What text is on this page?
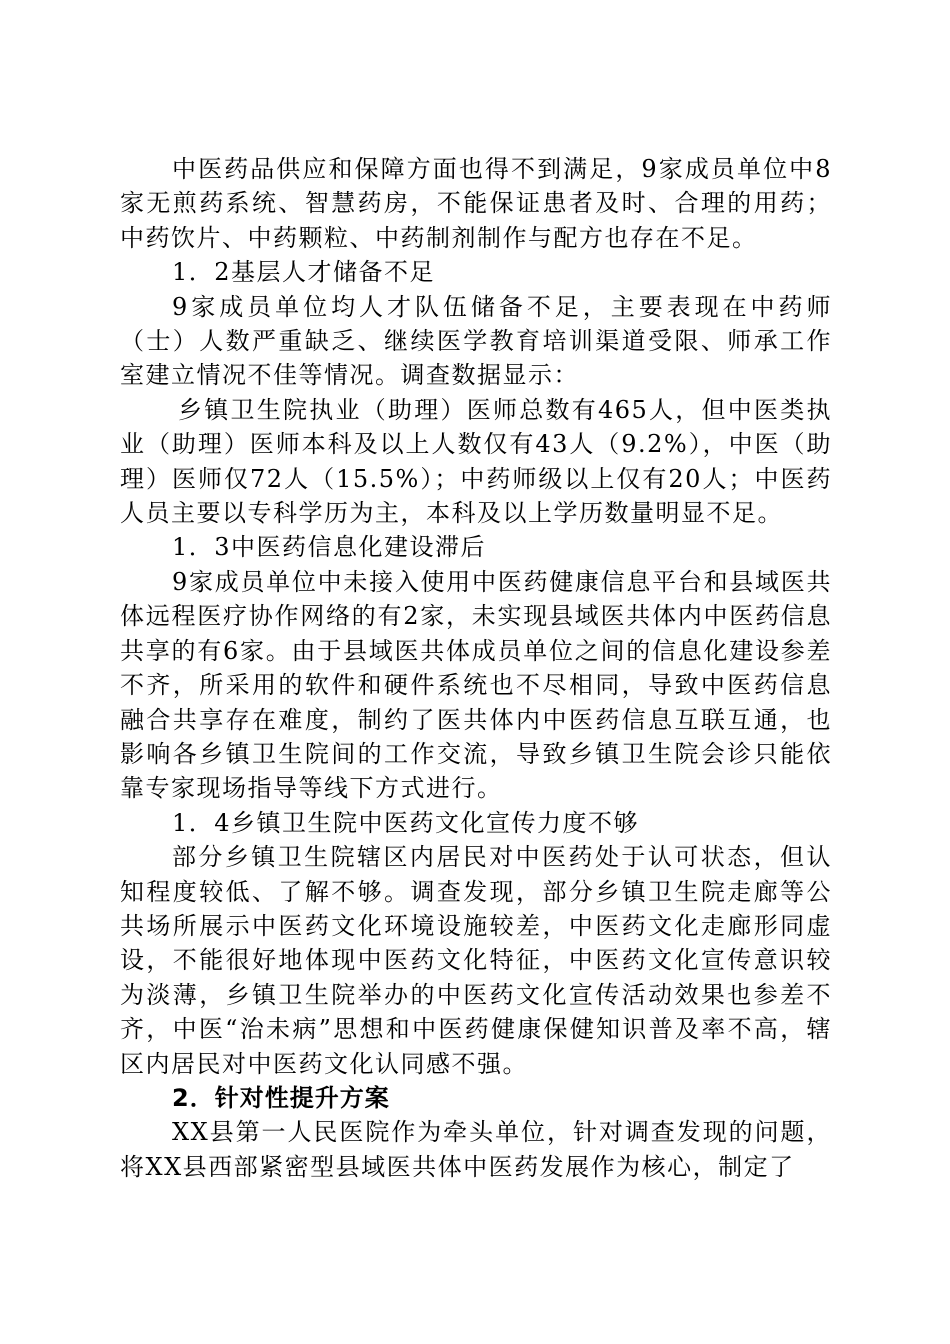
中医药品供应和保障方面也得不到满足，9家成员单位中8家无煎药系统、智慧药房，不能保证患者及时、合理的用药；中药饮片、中药颗粒、中药制剂制作与配方也存在不足。

1．2基层人才储备不足

9家成员单位均人才队伍储备不足，主要表现在中药师（士）人数严重缺乏、继续医学教育培训渠道受限、师承工作室建立情况不佳等情况。调查数据显示：

乡镇卫生院执业（助理）医师总数有465人，但中医类执业（助理）医师本科及以上人数仅有43人（9.2%），中医（助理）医师仅72人（15.5%）；中药师级以上仅有20人；中医药人员主要以专科学历为主，本科及以上学历数量明显不足。

1．3中医药信息化建设滞后

9家成员单位中未接入使用中医药健康信息平台和县域医共体远程医疗协作网络的有2家，未实现县域医共体内中医药信息共享的有6家。由于县域医共体成员单位之间的信息化建设参差不齐，所采用的软件和硬件系统也不尽相同，导致中医药信息融合共享存在难度，制约了医共体内中医药信息互联互通，也影响各乡镇卫生院间的工作交流，导致乡镇卫生院会诊只能依靠专家现场指导等线下方式进行。

1．4乡镇卫生院中医药文化宣传力度不够

部分乡镇卫生院辖区内居民对中医药处于认可状态，但认知程度较低、了解不够。调查发现，部分乡镇卫生院走廊等公共场所展示中医药文化环境设施较差，中医药文化走廊形同虚设，不能很好地体现中医药文化特征，中医药文化宣传意识较为淡薄，乡镇卫生院举办的中医药文化宣传活动效果也参差不齐，中医“治未病”思想和中医药健康保健知识普及率不高，辖区内居民对中医药文化认同感不强。

2．针对性提升方案

XX县第一人民医院作为牵头单位，针对调查发现的问题，将XX县西部紧密型县域医共体中医药发展作为核心，制定了
